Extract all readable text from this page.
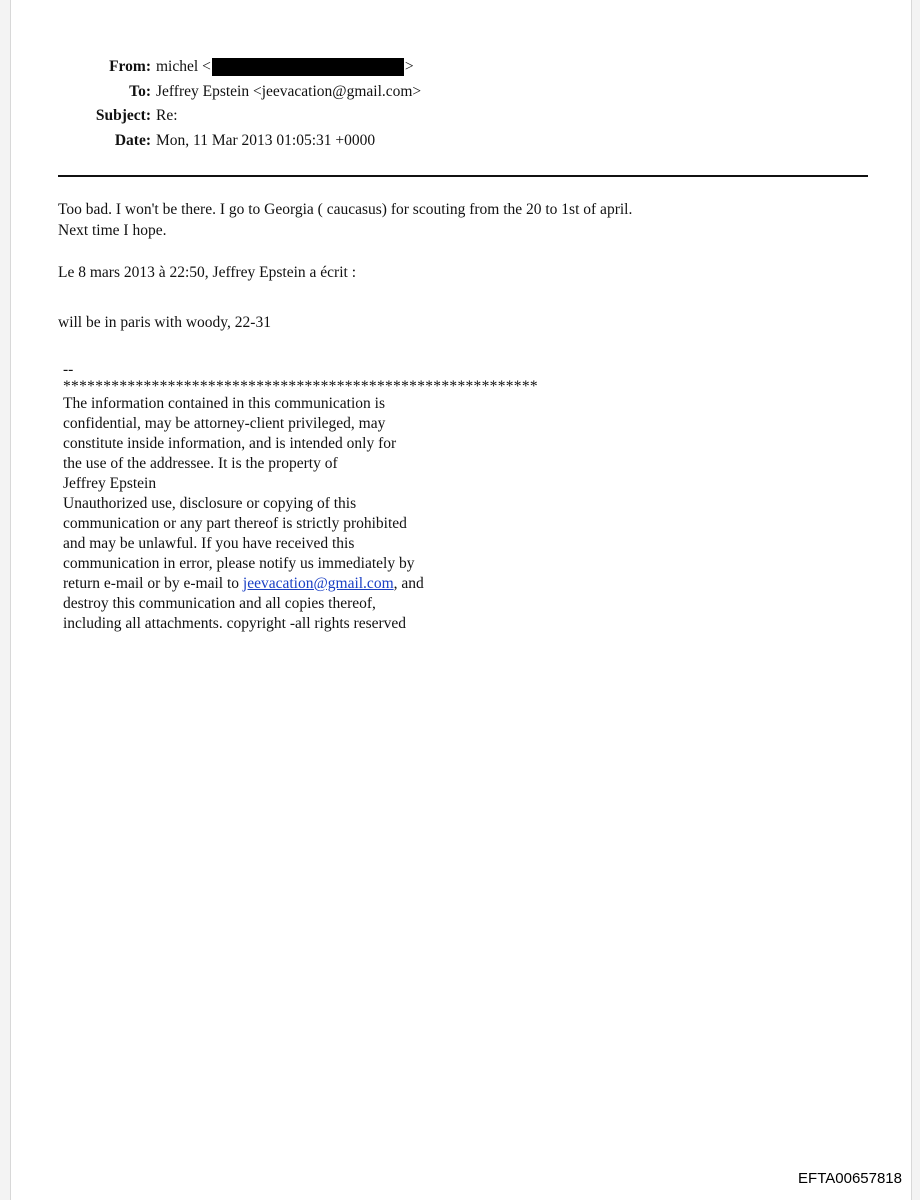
From: michel
<	>
To: Jeffrey Epstein <jeevacation@gmail.com>
Subject: Re:
Date: Mon, 11 Mar 2013 01:05:31 +0000

Too bad. I won't be there. I go to Georgia ( caucasus) for scouting from the 20 to 1st of april.

Next time I hope.

Le 8 mars 2013 à 22:50, Jeffrey Epstein a écrit :

will be in paris with woody, 22-31

--

***********************************************************

The information contained in this communication is

confidential, may be attorney-client privileged, may

constitute inside information, and is intended only for

the use of the addressee. It is the property of

Jeffrey Epstein

Unauthorized use, disclosure or copying of this

communication or any part thereof is strictly prohibited

and may be unlawful. If you have received this

communication in error, please notify us immediately by

return e-mail or by e-mail to jeevacation@gmail.com, and

destroy this communication and all copies thereof,

including all attachments. copyright -all rights reserved

EFTA00657818
